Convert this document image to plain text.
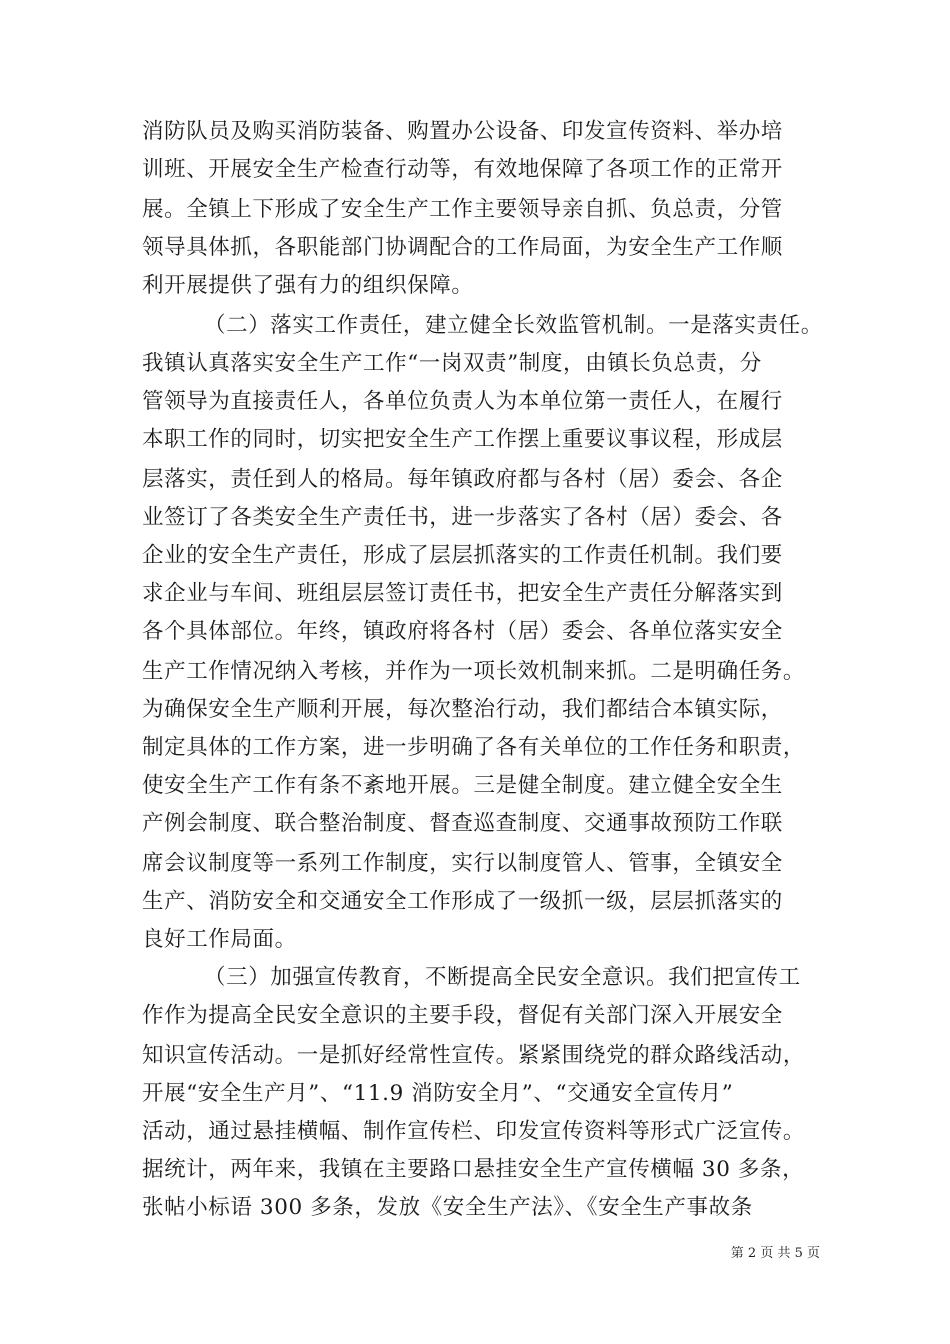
消防队员及购买消防装备、购置办公设备、印发宣传资料、举办培
训班、开展安全生产检查行动等，有效地保障了各项工作的正常开
展。全镇上下形成了安全生产工作主要领导亲自抓、负总责，分管
领导具体抓，各职能部门协调配合的工作局面，为安全生产工作顺
利开展提供了强有力的组织保障。
（二）落实工作责任，建立健全长效监管机制。一是落实责任。
我镇认真落实安全生产工作“一岗双责”制度，由镇长负总责，分
管领导为直接责任人，各单位负责人为本单位第一责任人，在履行
本职工作的同时，切实把安全生产工作摆上重要议事议程，形成层
层落实，责任到人的格局。每年镇政府都与各村（居）委会、各企
业签订了各类安全生产责任书，进一步落实了各村（居）委会、各
企业的安全生产责任，形成了层层抓落实的工作责任机制。我们要
求企业与车间、班组层层签订责任书，把安全生产责任分解落实到
各个具体部位。年终，镇政府将各村（居）委会、各单位落实安全
生产工作情况纳入考核，并作为一项长效机制来抓。二是明确任务。
为确保安全生产顺利开展，每次整治行动，我们都结合本镇实际，
制定具体的工作方案，进一步明确了各有关单位的工作任务和职责，
使安全生产工作有条不紊地开展。三是健全制度。建立健全安全生
产例会制度、联合整治制度、督查巡查制度、交通事故预防工作联
席会议制度等一系列工作制度，实行以制度管人、管事，全镇安全
生产、消防安全和交通安全工作形成了一级抓一级，层层抓落实的
良好工作局面。
（三）加强宣传教育，不断提高全民安全意识。我们把宣传工
作作为提高全民安全意识的主要手段，督促有关部门深入开展安全
知识宣传活动。一是抓好经常性宣传。紧紧围绕党的群众路线活动，
开展“安全生产月”、“11.9 消防安全月”、“交通安全宣传月”
活动，通过悬挂横幅、制作宣传栏、印发宣传资料等形式广泛宣传。
据统计，两年来，我镇在主要路口悬挂安全生产宣传横幅 30 多条，
张帖小标语 300 多条，发放《安全生产法》、《安全生产事故条
第 2 页 共 5 页
